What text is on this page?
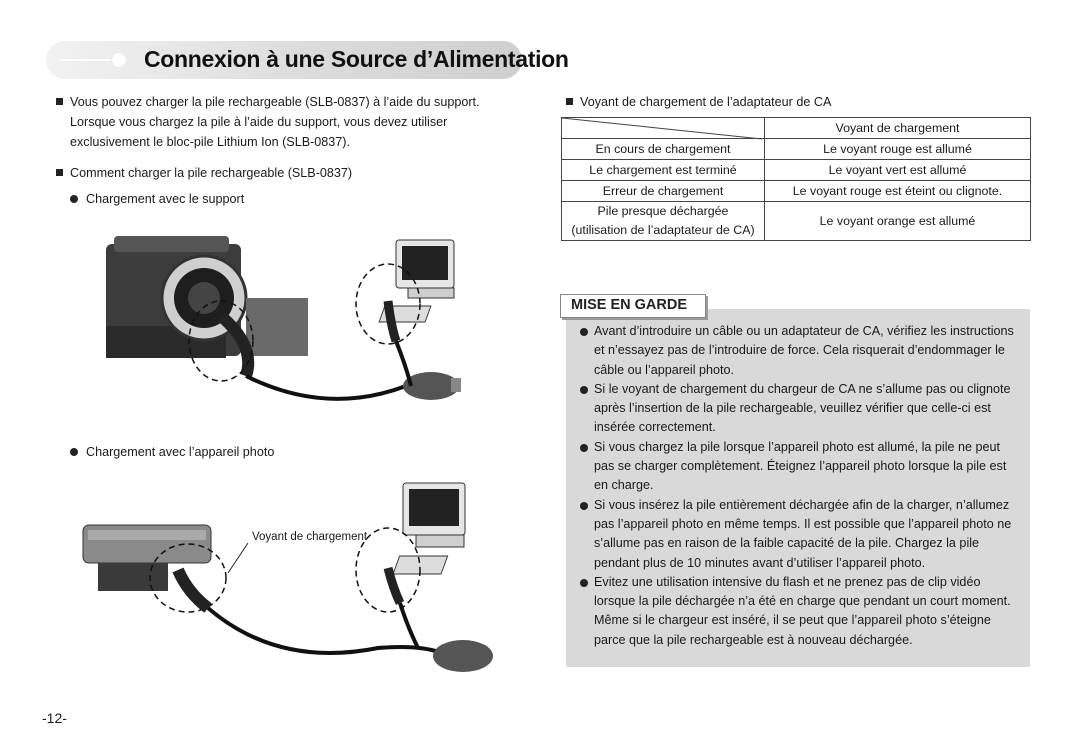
Connexion à une Source d’Alimentation
Vous pouvez charger la pile rechargeable (SLB-0837) à l’aide du support.
Lorsque vous chargez la pile à l’aide du support, vous devez utiliser
exclusivement le bloc-pile Lithium Ion (SLB-0837).
Comment charger la pile rechargeable (SLB-0837)
Chargement avec le support
Chargement avec l’appareil photo
Voyant de chargement
Voyant de chargement de l’adaptateur de CA
	Voyant de chargement
En cours de chargement	Le voyant rouge est allumé
Le chargement est terminé	Le voyant vert est allumé
Erreur de chargement	Le voyant rouge est éteint ou clignote.

Pile presque déchargée
(utilisation de l’adaptateur de CA)	Le voyant orange est allumé
MISE EN GARDE
Avant d’introduire un câble ou un adaptateur de CA, vérifiez les instructions
et n’essayez pas de l’introduire de force. Cela risquerait d’endommager le
câble ou l’appareil photo.
Si le voyant de chargement du chargeur de CA ne s’allume pas ou clignote
après l’insertion de la pile rechargeable, veuillez vérifier que celle-ci est
insérée correctement.
Si vous chargez la pile lorsque l’appareil photo est allumé, la pile ne peut
pas se charger complètement. Éteignez l’appareil photo lorsque la pile est
en charge.
Si vous insérez la pile entièrement déchargée afin de la charger, n’allumez
pas l’appareil photo en même temps. Il est possible que l’appareil photo ne
s’allume pas en raison de la faible capacité de la pile. Chargez la pile
pendant plus de 10 minutes avant d’utiliser l’appareil photo.
Evitez une utilisation intensive du flash et ne prenez pas de clip vidéo
lorsque la pile déchargée n’a été en charge que pendant un court moment.
Même si le chargeur est inséré, il se peut que l’appareil photo s’éteigne
parce que la pile rechargeable est à nouveau déchargée.
-12-
